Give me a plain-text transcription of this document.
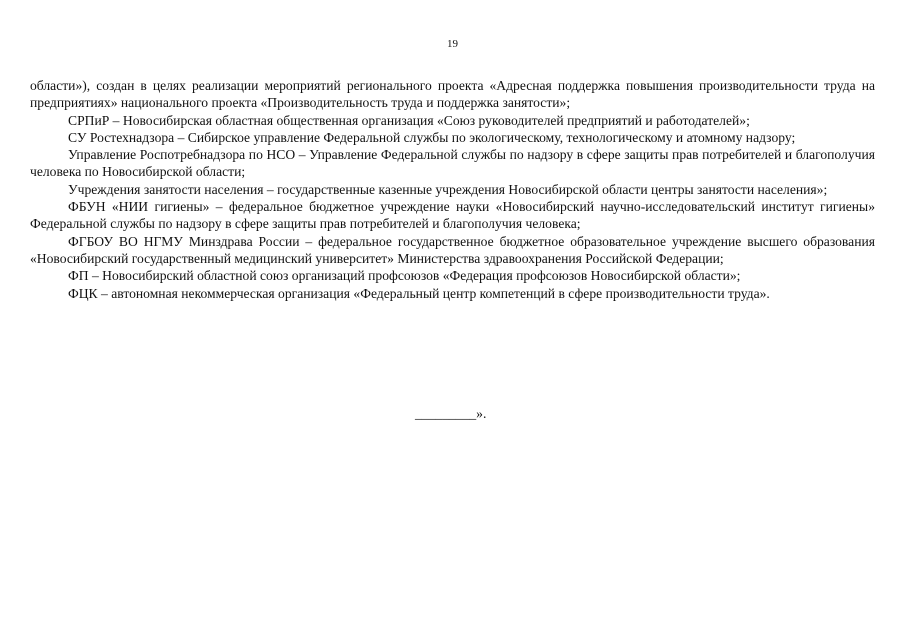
19

области»), создан в целях реализации мероприятий регионального проекта «Адресная поддержка повышения производительности труда на предприятиях» национального проекта «Производительность труда и поддержка занятости»;

СРПиР – Новосибирская областная общественная организация «Союз руководителей предприятий и работодателей»;

СУ Ростехнадзора – Сибирское управление Федеральной службы по экологическому, технологическому и атомному надзору;

Управление Роспотребнадзора по НСО – Управление Федеральной службы по надзору в сфере защиты прав потребителей и благополучия человека по Новосибирской области;

Учреждения занятости населения – государственные казенные учреждения Новосибирской области центры занятости населения»;

ФБУН «НИИ гигиены» – федеральное бюджетное учреждение науки «Новосибирский научно-исследовательский институт гигиены» Федеральной службы по надзору в сфере защиты прав потребителей и благополучия человека;

ФГБОУ ВО НГМУ Минздрава России – федеральное государственное бюджетное образовательное учреждение высшего образования «Новосибирский государственный медицинский университет» Министерства здравоохранения Российской Федерации;

ФП – Новосибирский областной союз организаций профсоюзов «Федерация профсоюзов Новосибирской области»;

ФЦК – автономная некоммерческая организация «Федеральный центр компетенций в сфере производительности труда».

_________».
